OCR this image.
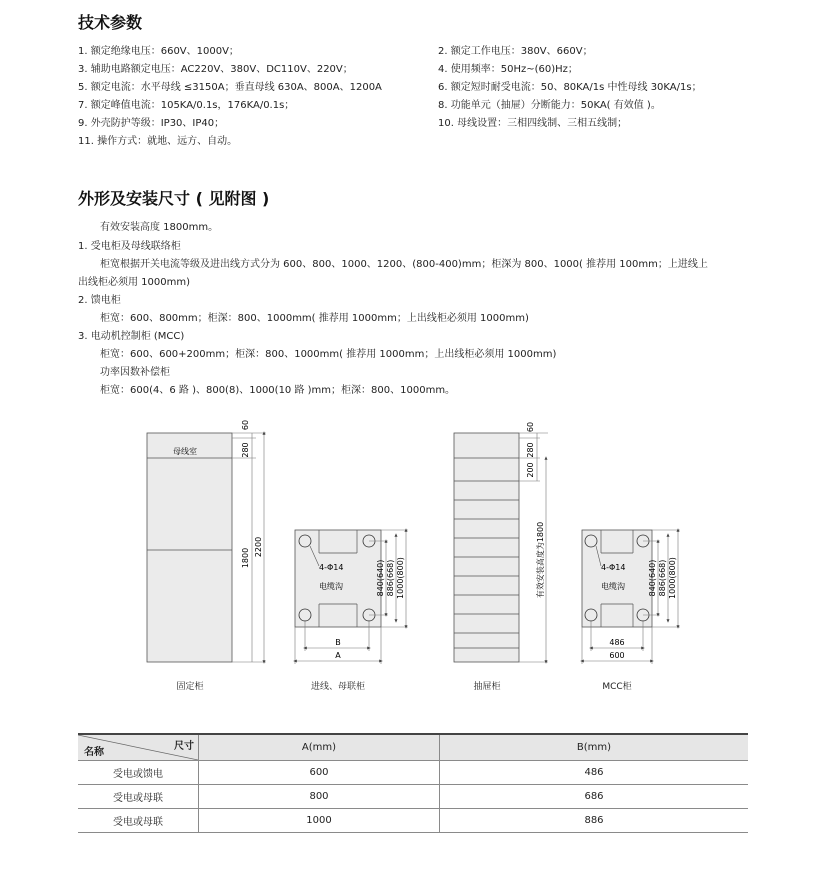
技术参数
1. 额定绝缘电压：660V、1000V；	2. 额定工作电压：380V、660V；
3. 辅助电路额定电压：AC220V、380V、DC110V、220V；	4. 使用频率：50Hz~(60)Hz；
5. 额定电流：水平母线 ≤3150A；垂直母线 630A、800A、1200A	6. 额定短时耐受电流：50、80KA/1s 中性母线 30KA/1s；
7. 额定峰值电流：105KA/0.1s，176KA/0.1s；	8. 功能单元（抽屉）分断能力：50KA( 有效值 )。
9. 外壳防护等级：IP30、IP40；	10. 母线设置：三相四线制、三相五线制；
11. 操作方式：就地、远方、自动。
外形及安装尺寸 ( 见附图 )
有效安装高度 1800mm。
1. 受电柜及母线联络柜
柜宽根据开关电流等级及进出线方式分为 600、800、1000、1200、(800-400)mm；柜深为 800、1000( 推荐用 100mm；上进线上
出线柜必须用 1000mm)
2. 馈电柜
柜宽：600、800mm；柜深：800、1000mm( 推荐用 1000mm；上出线柜必须用 1000mm)
3. 电动机控制柜 (MCC)
柜宽：600、600+200mm；柜深：800、1000mm( 推荐用 1000mm；上出线柜必须用 1000mm)
功率因数补偿柜
柜宽：600(4、6 路 )、800(8)、1000(10 路 )mm；柜深：800、1000mm。
母线室
60
280
1800
2200
4-Φ14
电缆沟	840(640) 886(668) 1000(800)
B
A
60
280
200
有效安装高度为1800	4-Φ14
电缆沟	840(640) 886(668) 1000(800)
486
600
固定柜	进线、母联柜	抽屉柜	MCC柜
名称
尺寸	A(mm)	B(mm)
受电或馈电	600	486
受电或母联	800	686
受电或母联	1000	886
